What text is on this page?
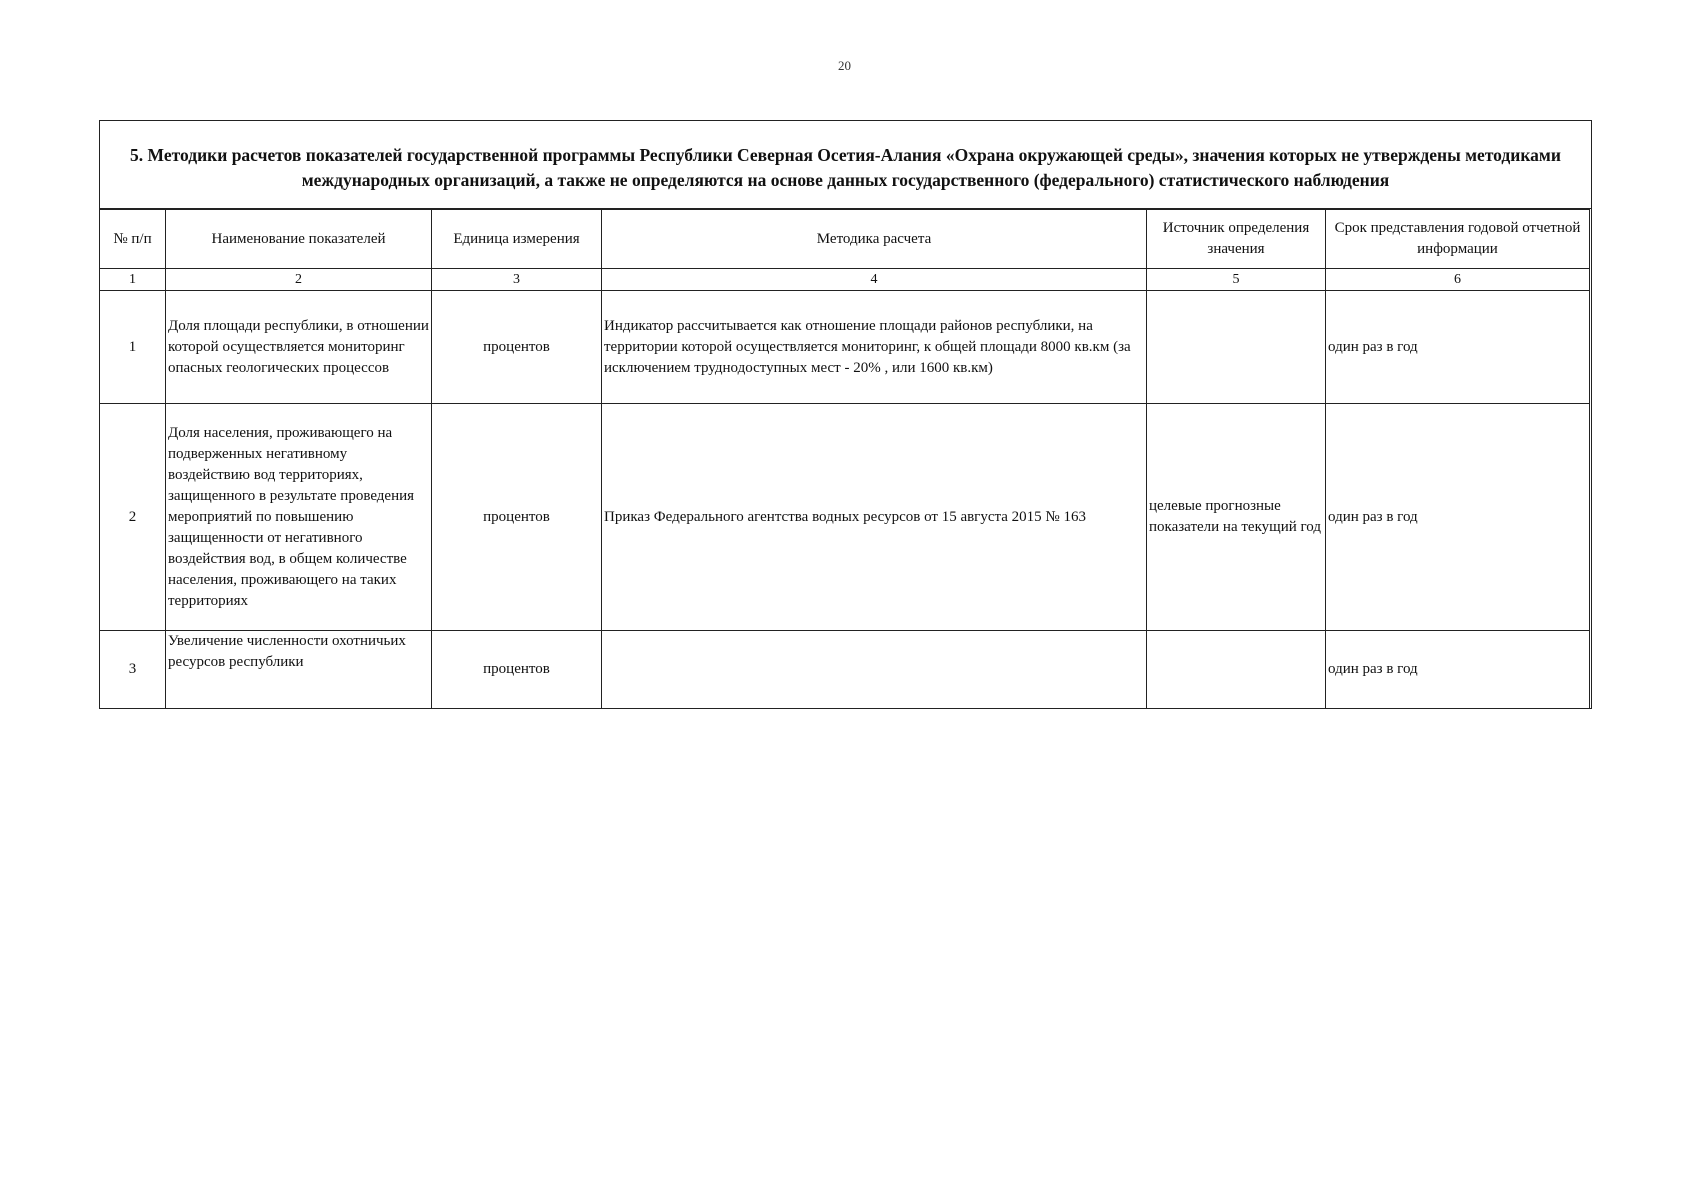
20
5. Методики расчетов показателей государственной программы Республики Северная Осетия-Алания «Охрана окружающей среды», значения которых не утверждены методиками международных организаций, а также не определяются на основе данных государственного (федерального) статистического наблюдения
№ п/п	Наименование показателей	Единица измерения	Методика расчета	Источник определения значения	Срок представления годовой отчетной информации
1	2	3	4	5	6
1	Доля площади республики, в отношении которой осуществляется мониторинг опасных геологических процессов	процентов	Индикатор рассчитывается как отношение площади районов республики, на территории которой осуществляется мониторинг, к общей площади 8000 кв.км (за исключением труднодоступных мест - 20% , или 1600 кв.км)		один раз в год
2	Доля населения, проживающего на подверженных негативному воздействию вод территориях, защищенного в результате проведения мероприятий по повышению защищенности от негативного воздействия вод, в общем количестве населения, проживающего на таких территориях	процентов	Приказ Федерального агентства водных ресурсов от 15 августа 2015 № 163	целевые прогнозные показатели на текущий год	один раз в год
3	Увеличение численности охотничьих ресурсов республики	процентов			один раз в год
